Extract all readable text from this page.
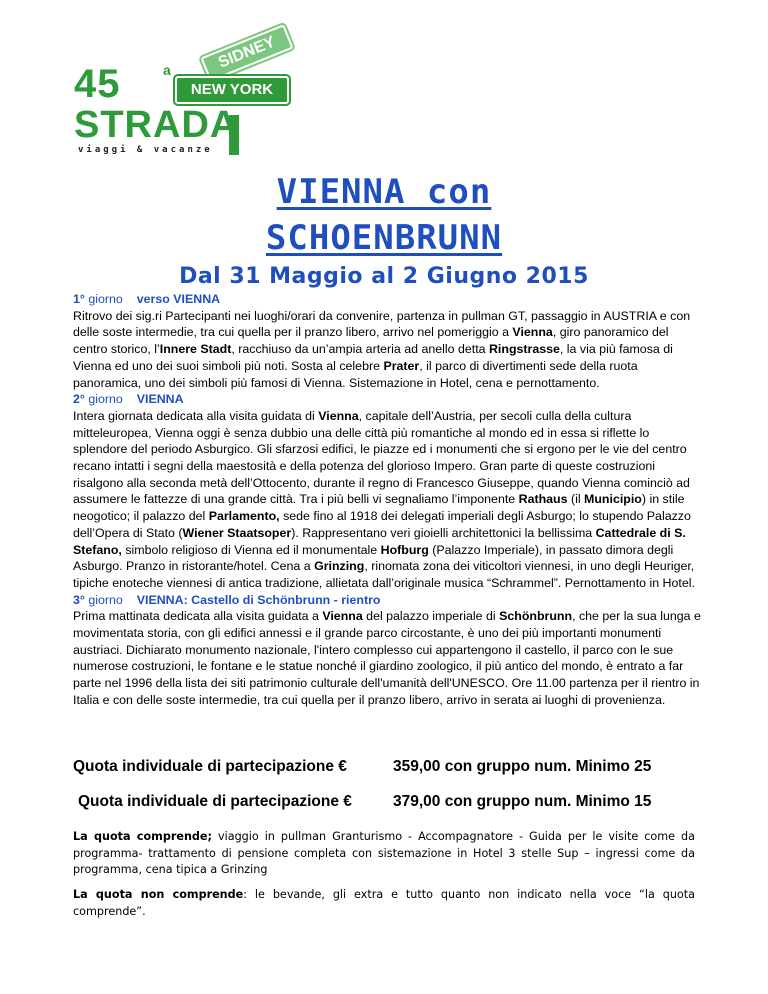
SIDNEY
NEW YORK
45	a
STRADA
viaggi & vacanze
VIENNA con
SCHOENBRUNN
Dal 31 Maggio al 2 Giugno 2015

1° giorno verso VIENNA

Ritrovo dei sig.ri Partecipanti nei luoghi/orari da convenire, partenza in pullman GT, passaggio in AUSTRIA e con delle soste intermedie, tra cui quella per il pranzo libero, arrivo nel pomeriggio a Vienna, giro panoramico del centro storico, l’Innere Stadt, racchiuso da un’ampia arteria ad anello detta Ringstrasse, la via più famosa di Vienna ed uno dei suoi simboli più noti. Sosta al celebre Prater, il parco di divertimenti sede della ruota panoramica, uno dei simboli più famosi di Vienna. Sistemazione in Hotel, cena e pernottamento.

2° giorno VIENNA

Intera giornata dedicata alla visita guidata di Vienna, capitale dell’Austria, per secoli culla della cultura mitteleuropea, Vienna oggi è senza dubbio una delle città più romantiche al mondo ed in essa si riflette lo splendore del periodo Asburgico. Gli sfarzosi edifici, le piazze ed i monumenti che si ergono per le vie del centro recano intatti i segni della maestosità e della potenza del glorioso Impero. Gran parte di queste costruzioni risalgono alla seconda metà dell’Ottocento, durante il regno di Francesco Giuseppe, quando Vienna cominciò ad assumere le fattezze di una grande città. Tra i più belli vi segnaliamo l’imponente Rathaus (il Municipio) in stile neogotico; il palazzo del Parlamento, sede fino al 1918 dei delegati imperiali degli Asburgo; lo stupendo Palazzo dell’Opera di Stato (Wiener Staatsoper). Rappresentano veri gioielli architettonici la bellissima Cattedrale di S. Stefano, simbolo religioso di Vienna ed il monumentale Hofburg (Palazzo Imperiale), in passato dimora degli Asburgo. Pranzo in ristorante/hotel. Cena a Grinzing, rinomata zona dei viticoltori viennesi, in uno degli Heuriger, tipiche enoteche viennesi di antica tradizione, allietata dall’originale musica “Schrammel”. Pernottamento in Hotel.

3° giorno VIENNA: Castello di Schönbrunn - rientro

Prima mattinata dedicata alla visita guidata a Vienna del palazzo imperiale di Schönbrunn, che per la sua lunga e movimentata storia, con gli edifici annessi e il grande parco circostante, è uno dei più importanti monumenti austriaci. Dichiarato monumento nazionale, l'intero complesso cui appartengono il castello, il parco con le sue numerose costruzioni, le fontane e le statue nonché il giardino zoologico, il più antico del mondo, è entrato a far parte nel 1996 della lista dei siti patrimonio culturale dell'umanità dell'UNESCO. Ore 11.00 partenza per il rientro in Italia e con delle soste intermedie, tra cui quella per il pranzo libero, arrivo in serata ai luoghi di provenienza.

Quota individuale di partecipazione €	359,00 con gruppo num. Minimo 25
Quota individuale di partecipazione €	379,00 con gruppo num. Minimo 15
La quota comprende; viaggio in pullman Granturismo - Accompagnatore - Guida per le visite come da programma- trattamento di pensione completa con sistemazione in Hotel 3 stelle Sup – ingressi come da programma, cena tipica a Grinzing
La quota non comprende: le bevande, gli extra e tutto quanto non indicato nella voce “la quota comprende”.
